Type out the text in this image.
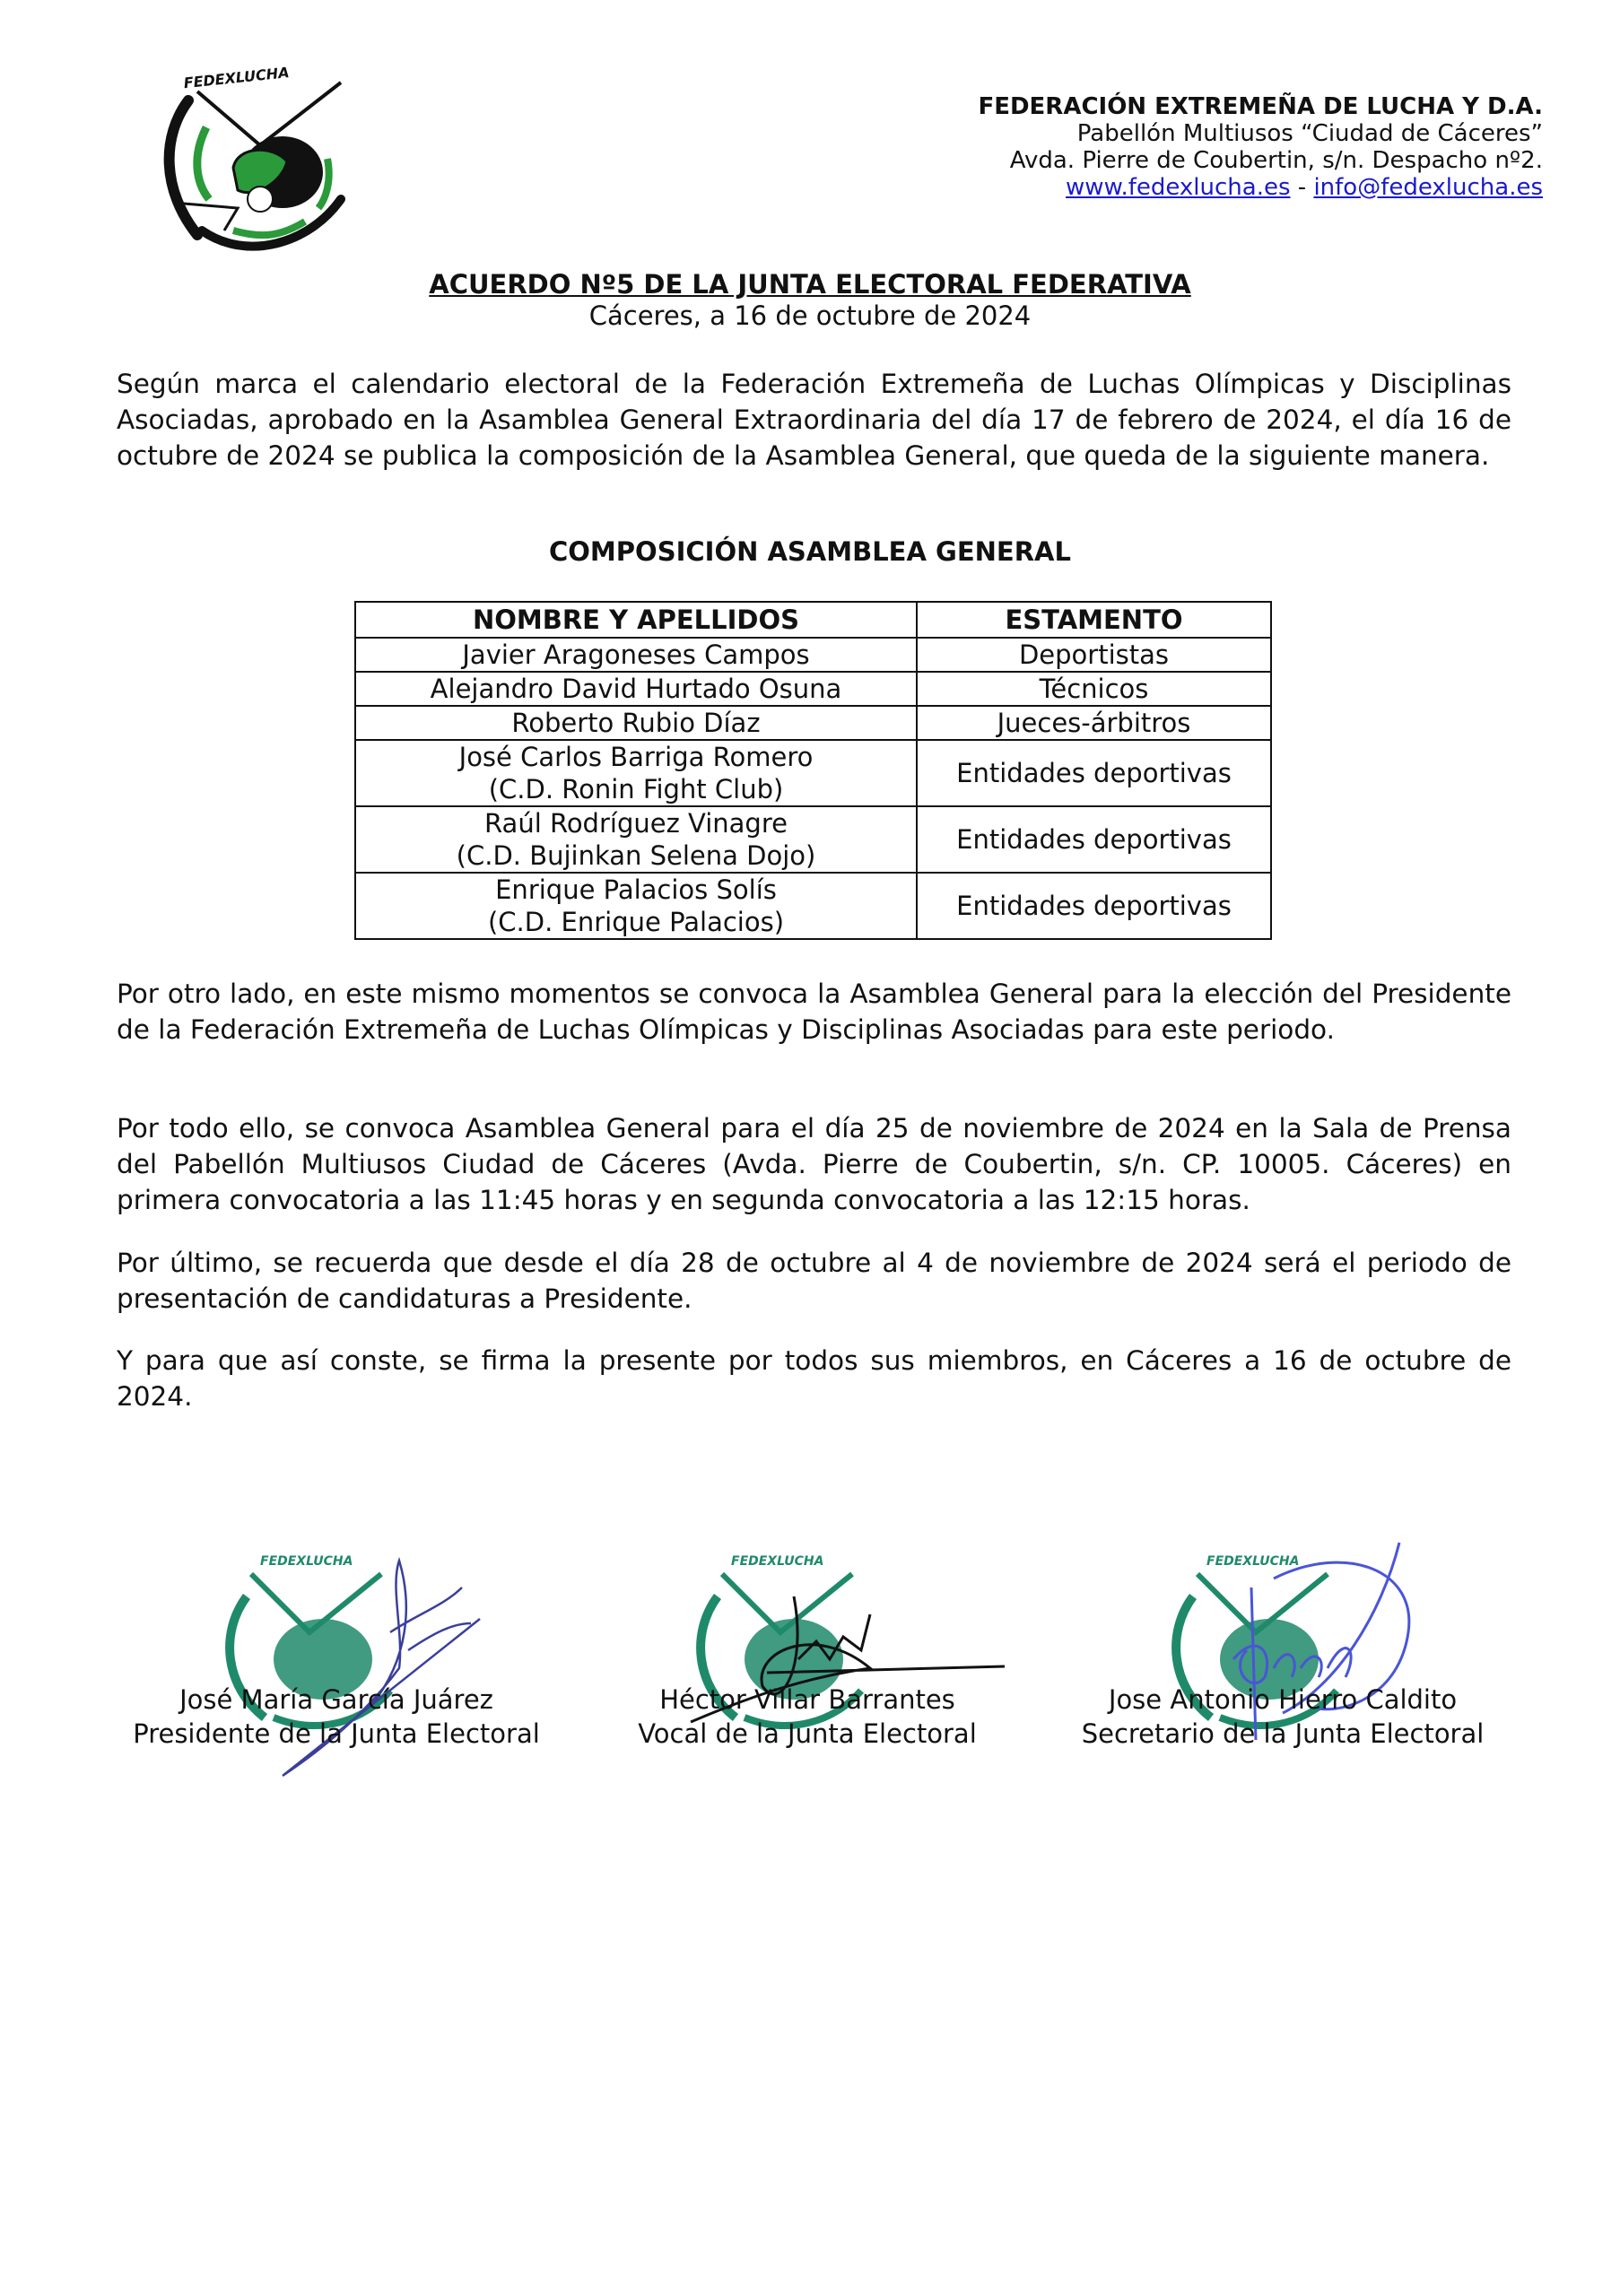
FEDEXLUCHA
FEDERACIÓN EXTREMEÑA DE LUCHA Y D.A.
Pabellón Multiusos “Ciudad de Cáceres”
Avda. Pierre de Coubertin, s/n. Despacho nº2.
www.fedexlucha.es - info@fedexlucha.es
ACUERDO Nº5 DE LA JUNTA ELECTORAL FEDERATIVA
Cáceres, a 16 de octubre de 2024
Según marca el calendario electoral de la Federación Extremeña de Luchas Olímpicas y Disciplinas Asociadas, aprobado en la Asamblea General Extraordinaria del día 17 de febrero de 2024, el día 16 de octubre de 2024 se publica la composición de la Asamblea General, que queda de la siguiente manera.
COMPOSICIÓN ASAMBLEA GENERAL
NOMBRE Y APELLIDOS	ESTAMENTO

Javier Aragoneses Campos	Deportistas

Alejandro David Hurtado Osuna	Técnicos

Roberto Rubio Díaz	Jueces-árbitros

José Carlos Barriga Romero
(C.D. Ronin Fight Club)	Entidades deportivas

Raúl Rodríguez Vinagre
(C.D. Bujinkan Selena Dojo)	Entidades deportivas

Enrique Palacios Solís
(C.D. Enrique Palacios)	Entidades deportivas
Por otro lado, en este mismo momentos se convoca la Asamblea General para la elección del Presidente de la Federación Extremeña de Luchas Olímpicas y Disciplinas Asociadas para este periodo.
Por todo ello, se convoca Asamblea General para el día 25 de noviembre de 2024 en la Sala de Prensa del Pabellón Multiusos Ciudad de Cáceres (Avda. Pierre de Coubertin, s/n. CP. 10005. Cáceres) en primera convocatoria a las 11:45 horas y en segunda convocatoria a las 12:15 horas.
Por último, se recuerda que desde el día 28 de octubre al 4 de noviembre de 2024 será el periodo de presentación de candidaturas a Presidente.
Y para que así conste, se firma la presente por todos sus miembros, en Cáceres a 16 de octubre de 2024.
FEDEXLUCHA
José María García Juárez
Presidente de la Junta Electoral
FEDEXLUCHA
Héctor Villar Barrantes
Vocal de la Junta Electoral
FEDEXLUCHA
Jose Antonio Hierro Caldito
Secretario de la Junta Electoral
